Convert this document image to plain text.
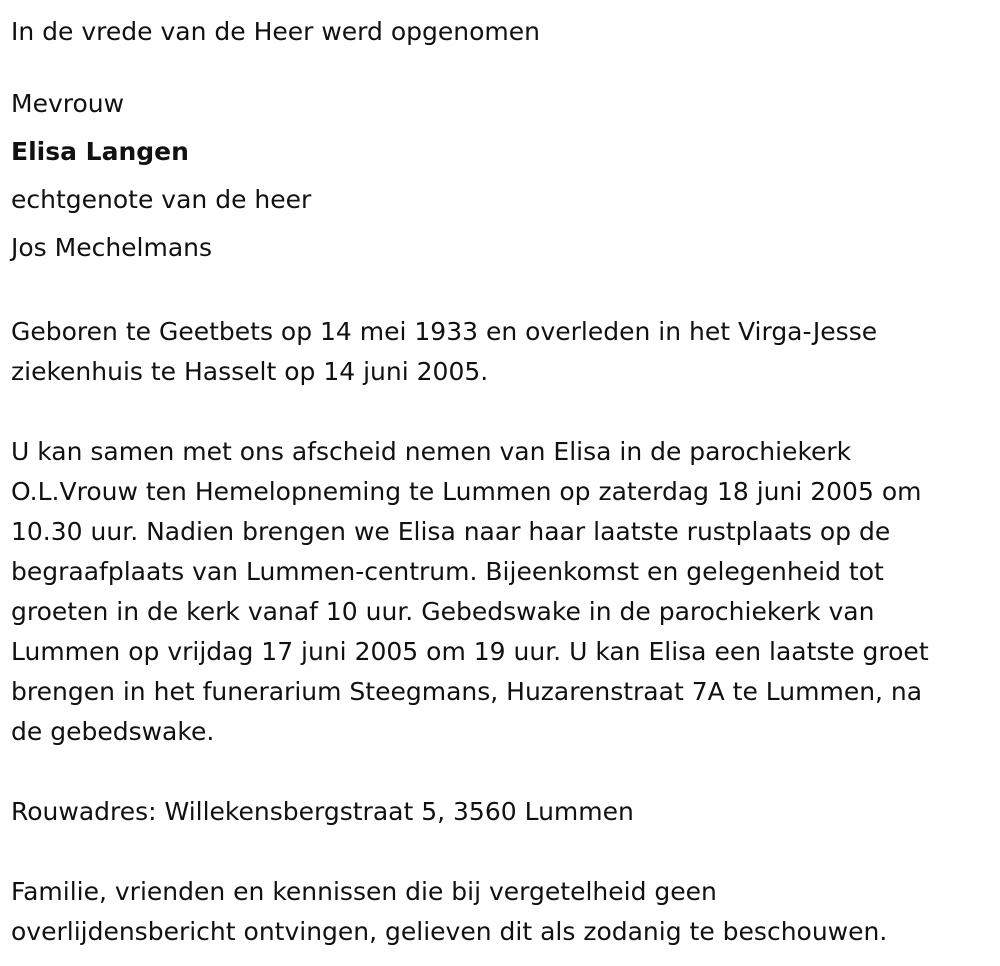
In de vrede van de Heer werd opgenomen

Mevrouw

Elisa Langen

echtgenote van de heer

Jos Mechelmans

Geboren te Geetbets op 14 mei 1933 en overleden in het Virga-Jesse

ziekenhuis te Hasselt op 14 juni 2005.

U kan samen met ons afscheid nemen van Elisa in de parochiekerk

O.L.Vrouw ten Hemelopneming te Lummen op zaterdag 18 juni 2005 om

10.30 uur. Nadien brengen we Elisa naar haar laatste rustplaats op de

begraafplaats van Lummen-centrum. Bijeenkomst en gelegenheid tot

groeten in de kerk vanaf 10 uur. Gebedswake in de parochiekerk van

Lummen op vrijdag 17 juni 2005 om 19 uur. U kan Elisa een laatste groet

brengen in het funerarium Steegmans, Huzarenstraat 7A te Lummen, na

de gebedswake.

Rouwadres: Willekensbergstraat 5, 3560 Lummen

Familie, vrienden en kennissen die bij vergetelheid geen

overlijdensbericht ontvingen, gelieven dit als zodanig te beschouwen.
